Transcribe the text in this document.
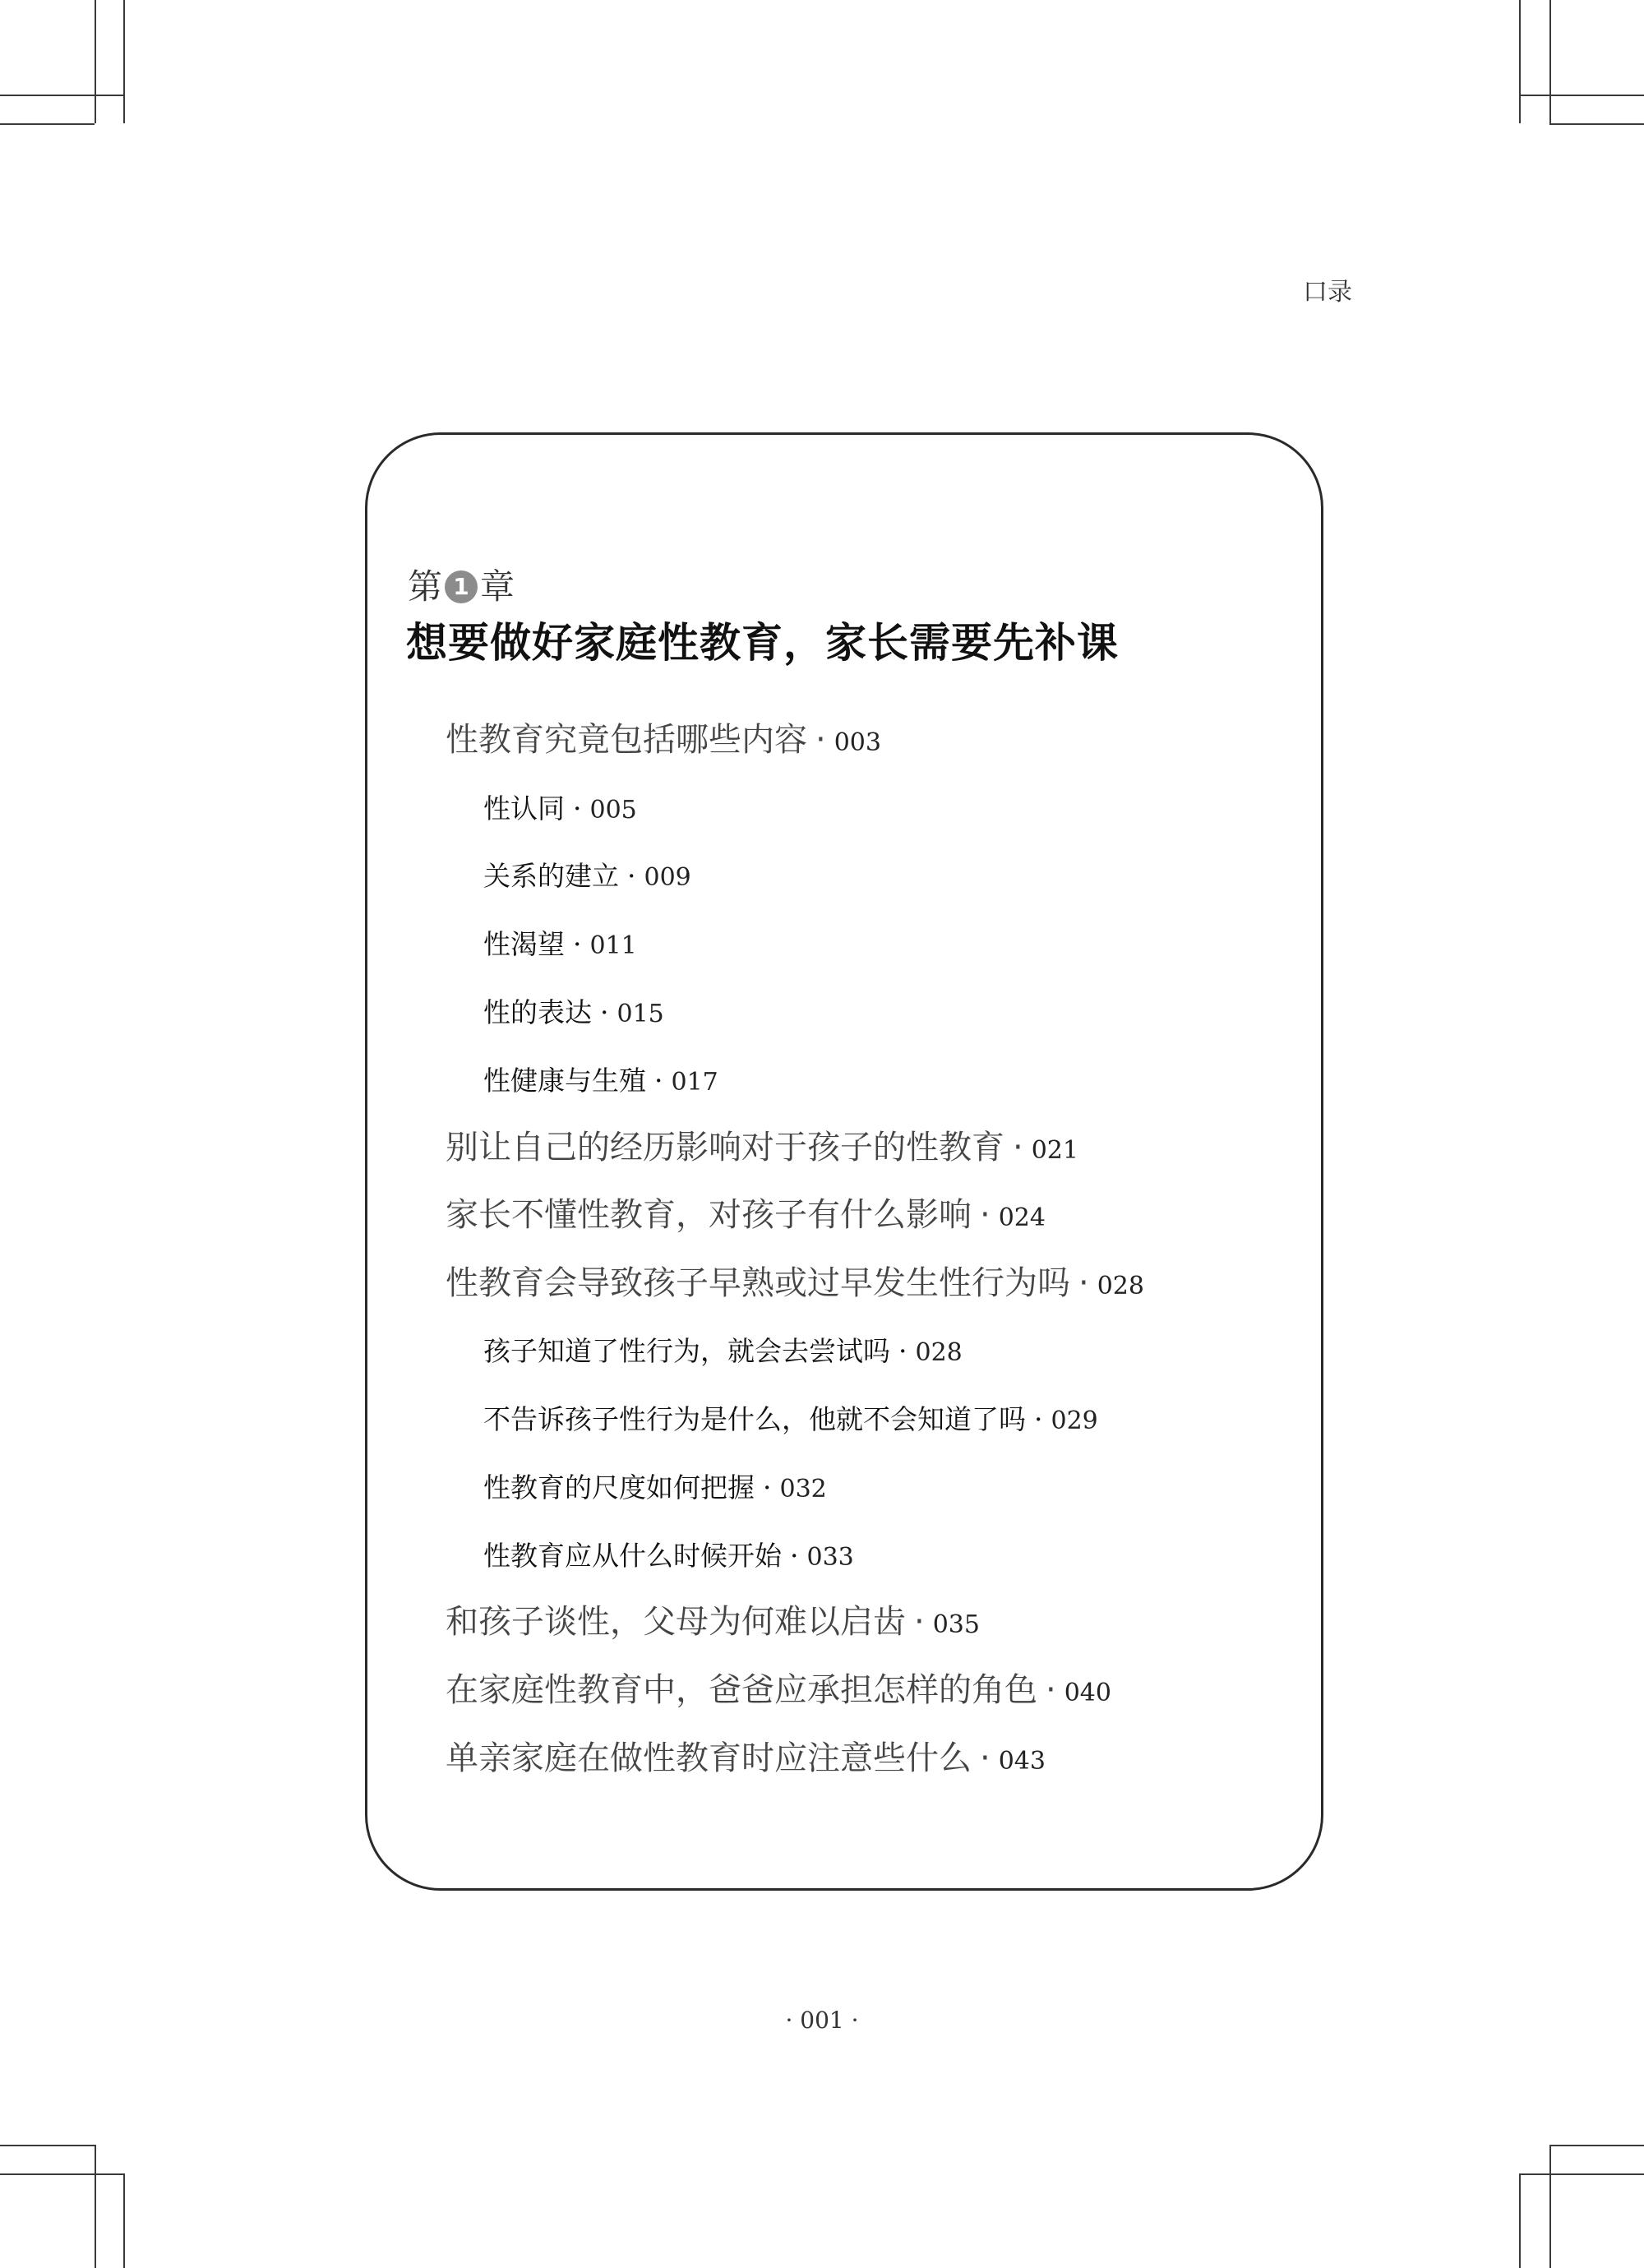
口录
第 1 章
想要做好家庭性教育，家长需要先补课
性教育究竟包括哪些内容 · 003
性认同 · 005
关系的建立 · 009
性渴望 · 011
性的表达 · 015
性健康与生殖 · 017
别让自己的经历影响对于孩子的性教育 · 021
家长不懂性教育，对孩子有什么影响 · 024
性教育会导致孩子早熟或过早发生性行为吗 · 028
孩子知道了性行为，就会去尝试吗 · 028
不告诉孩子性行为是什么，他就不会知道了吗 · 029
性教育的尺度如何把握 · 032
性教育应从什么时候开始 · 033
和孩子谈性，父母为何难以启齿 · 035
在家庭性教育中，爸爸应承担怎样的角色 · 040
单亲家庭在做性教育时应注意些什么 · 043
· 001 ·
